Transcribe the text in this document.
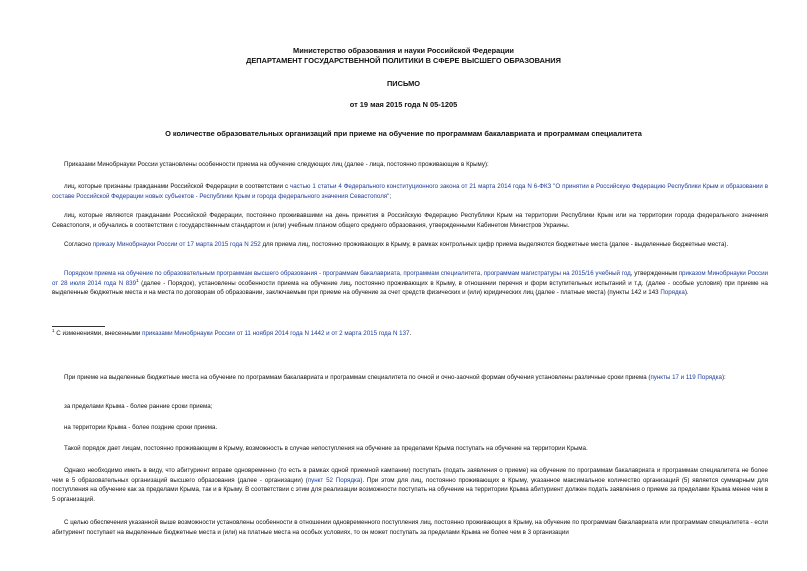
Министерство образования и науки Российской Федерации
ДЕПАРТАМЕНТ ГОСУДАРСТВЕННОЙ ПОЛИТИКИ В СФЕРЕ ВЫСШЕГО ОБРАЗОВАНИЯ
ПИСЬМО
от 19 мая 2015 года N 05-1205
О количестве образовательных организаций при приеме на обучение по программам бакалавриата и программам специалитета

Приказами Минобрнауки России установлены особенности приема на обучение следующих лиц (далее - лица, постоянно проживающие в Крыму):

лиц, которые признаны гражданами Российской Федерации в соответствии с частью 1 статьи 4 Федерального конституционного закона от 21 марта 2014 года N 6-ФКЗ "О принятии в Российскую Федерацию Республики Крым и образовании в составе Российской Федерации новых субъектов - Республики Крым и города федерального значения Севастополя";

лиц, которые являются гражданами Российской Федерации, постоянно проживавшими на день принятия в Российскую Федерацию Республики Крым на территории Республики Крым или на территории города федерального значения Севастополя, и обучались в соответствии с государственным стандартом и (или) учебным планом общего среднего образования, утвержденными Кабинетом Министров Украины.

Согласно приказу Минобрнауки России от 17 марта 2015 года N 252 для приема лиц, постоянно проживающих в Крыму, в рамках контрольных цифр приема выделяются бюджетные места (далее - выделенные бюджетные места).

Порядком приема на обучение по образовательным программам высшего образования - программам бакалавриата, программам специалитета, программам магистратуры на 2015/16 учебный год, утвержденным приказом Минобрнауки России от 28 июля 2014 года N $839^1$ (далее - Порядок), установлены особенности приема на обучение лиц, постоянно проживающих в Крыму, в отношении перечня и форм вступительных испытаний и т.д. (далее - особые условия) при приеме на выделенные бюджетные места и на места по договорам об образовании, заключаемым при приеме на обучение за счет средств физических и (или) юридических лиц (далее - платные места) (пункты 142 и 143 Порядка).

$^1$ С изменениями, внесенными приказами Минобрнауки России от 11 ноября 2014 года N 1442 и от 2 марта 2015 года N 137.

При приеме на выделенные бюджетные места на обучение по программам бакалавриата и программам специалитета по очной и очно-заочной формам обучения установлены различные сроки приема (пункты 17 и 119 Порядка):

за пределами Крыма - более ранние сроки приема;

на территории Крыма - более поздние сроки приема.

Такой порядок дает лицам, постоянно проживающим в Крыму, возможность в случае непоступления на обучение за пределами Крыма поступать на обучение на территории Крыма.

Однако необходимо иметь в виду, что абитуриент вправе одновременно (то есть в рамках одной приемной кампании) поступать (подать заявления о приеме) на обучение по программам бакалавриата и программам специалитета не более чем в 5 образовательных организаций высшего образования (далее - организации) (пункт 52 Порядка). При этом для лиц, постоянно проживающих в Крыму, указанное максимальное количество организаций (5) является суммарным для поступления на обучение как за пределами Крыма, так и в Крыму. В соответствии с этим для реализации возможности поступать на обучение на территории Крыма абитуриент должен подать заявления о приеме за пределами Крыма менее чем в 5 организаций.

С целью обеспечения указанной выше возможности установлены особенности в отношении одновременного поступления лиц, постоянно проживающих в Крыму, на обучение по программам бакалавриата или программам специалитета - если абитуриент поступает на выделенные бюджетные места и (или) на платные места на особых условиях, то он может поступать за пределами Крыма не более чем в 3 организации
